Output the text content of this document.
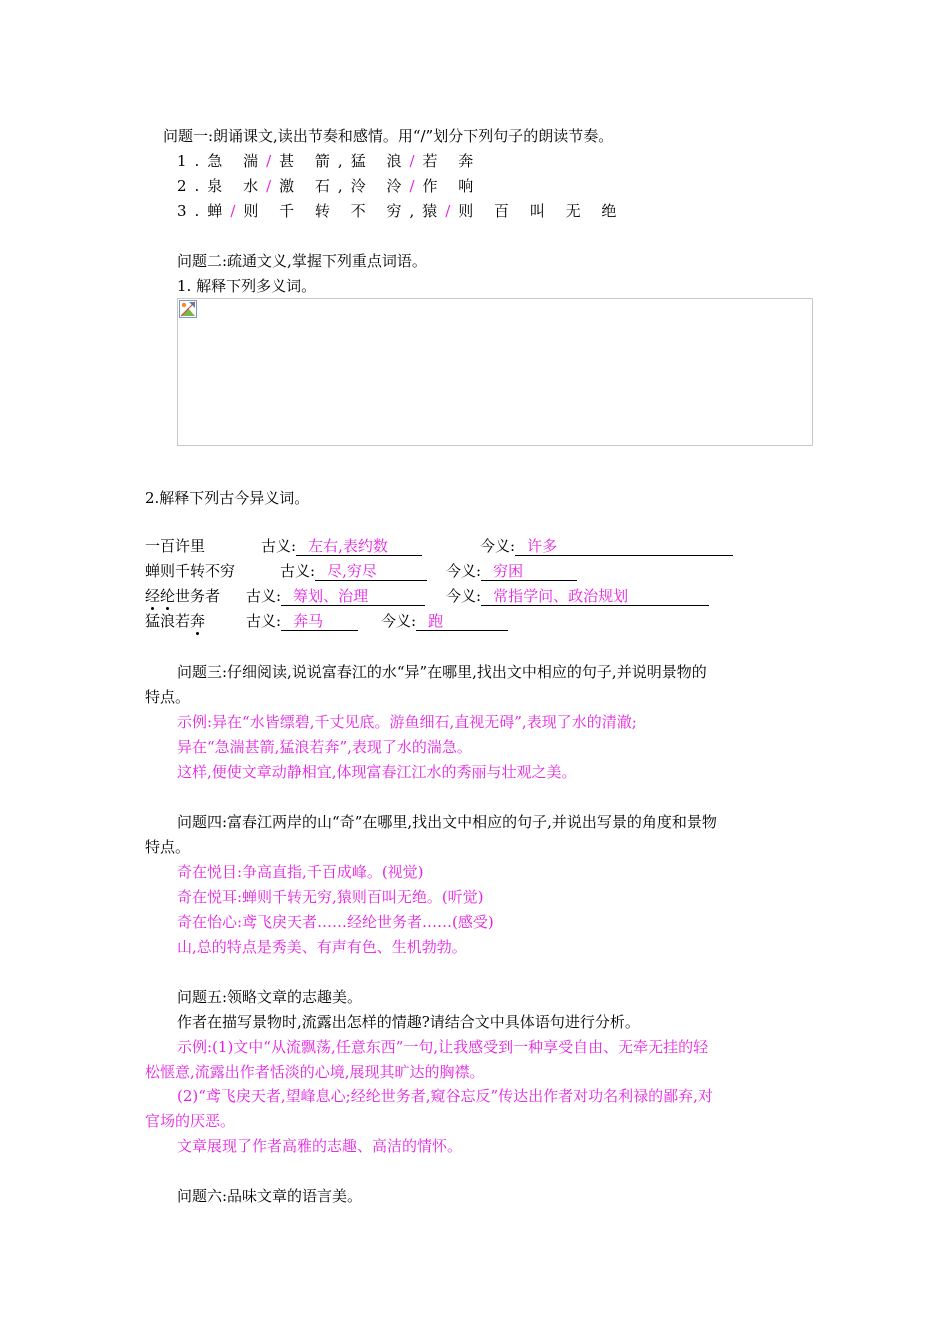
问题一:朗诵课文,读出节奏和感情。用“/”划分下列句子的朗读节奏。
1.急 湍/甚 箭,猛 浪/若 奔
2.泉 水/激 石,泠 泠/作 响
3.蝉/则 千 转 不 穷,猿/则 百 叫 无 绝
问题二:疏通文义,掌握下列重点词语。
1. 解释下列多义词。
2.解释下列古今异义词。
一百许里	古义: 左右,表约数	今义: 许多
蝉则千转不穷	古义: 尽,穷尽	今义: 穷困
经纶世务者 古义: 筹划、治理	今义: 常指学问、政治规划
猛浪若奔	古义: 奔马	今义: 跑
问题三:仔细阅读,说说富春江的水“异”在哪里,找出文中相应的句子,并说明景物的
特点。
示例:异在“水皆缥碧,千丈见底。游鱼细石,直视无碍”,表现了水的清澈;
异在“急湍甚箭,猛浪若奔”,表现了水的湍急。
这样,便使文章动静相宜,体现富春江江水的秀丽与壮观之美。
问题四:富春江两岸的山“奇”在哪里,找出文中相应的句子,并说出写景的角度和景物
特点。
奇在悦目:争高直指,千百成峰。(视觉)
奇在悦耳:蝉则千转无穷,猿则百叫无绝。(听觉)
奇在怡心:鸢飞戾天者……经纶世务者……(感受)
山,总的特点是秀美、有声有色、生机勃勃。
问题五:领略文章的志趣美。
作者在描写景物时,流露出怎样的情趣?请结合文中具体语句进行分析。
示例:(1)文中“从流飘荡,任意东西”一句,让我感受到一种享受自由、无牵无挂的轻
松惬意,流露出作者恬淡的心境,展现其旷达的胸襟。
(2)“鸢飞戾天者,望峰息心;经纶世务者,窥谷忘反”传达出作者对功名利禄的鄙弃,对
官场的厌恶。
文章展现了作者高雅的志趣、高洁的情怀。
问题六:品味文章的语言美。
